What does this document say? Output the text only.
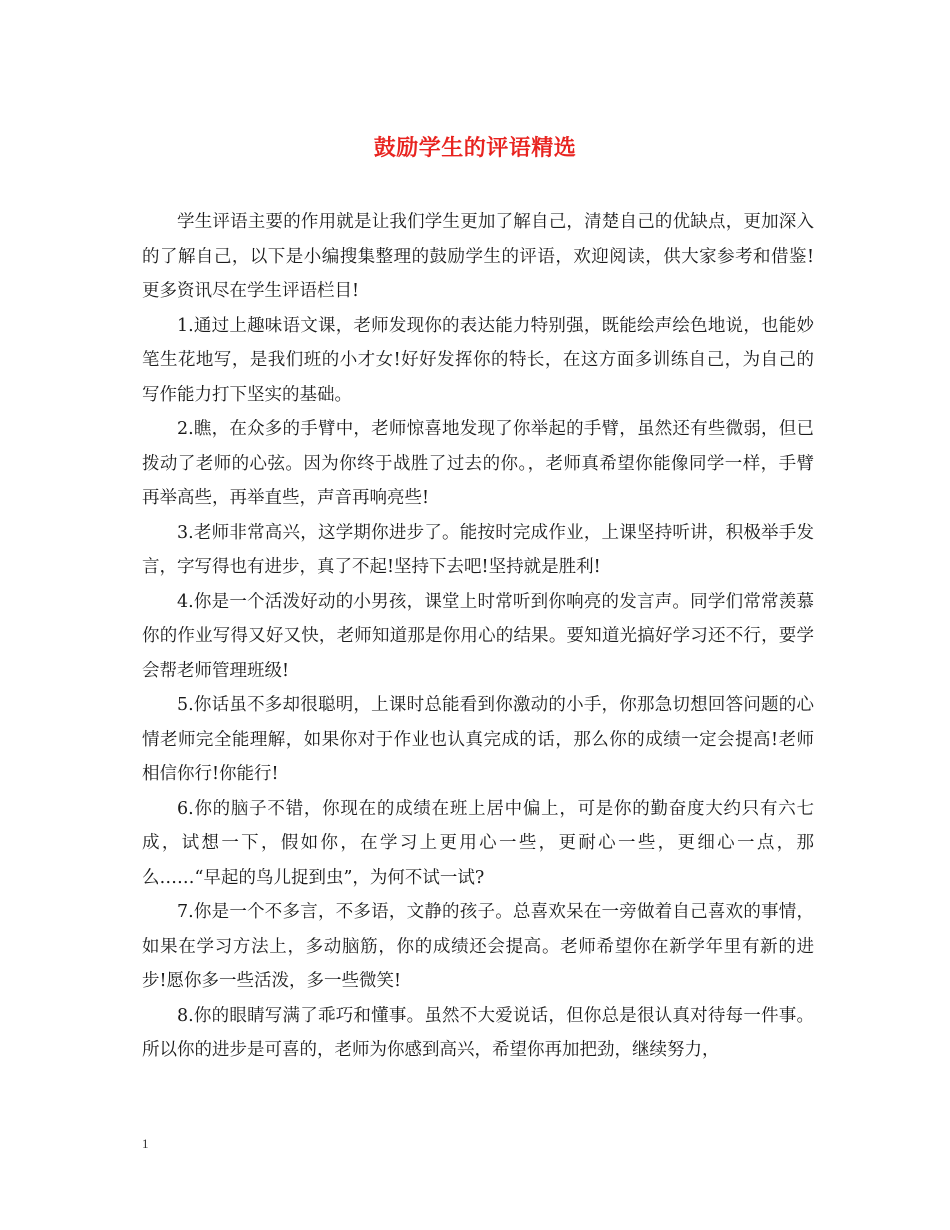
鼓励学生的评语精选

学生评语主要的作用就是让我们学生更加了解自己，清楚自己的优缺点，更加深入的了解自己，以下是小编搜集整理的鼓励学生的评语，欢迎阅读，供大家参考和借鉴!更多资讯尽在学生评语栏目!

1.通过上趣味语文课，老师发现你的表达能力特别强，既能绘声绘色地说，也能妙笔生花地写，是我们班的小才女!好好发挥你的特长，在这方面多训练自己，为自己的写作能力打下坚实的基础。

2.瞧，在众多的手臂中，老师惊喜地发现了你举起的手臂，虽然还有些微弱，但已拨动了老师的心弦。因为你终于战胜了过去的你。，老师真希望你能像同学一样，手臂再举高些，再举直些，声音再响亮些!

3.老师非常高兴，这学期你进步了。能按时完成作业，上课坚持听讲，积极举手发言，字写得也有进步，真了不起!坚持下去吧!坚持就是胜利!

4.你是一个活泼好动的小男孩，课堂上时常听到你响亮的发言声。同学们常常羡慕你的作业写得又好又快，老师知道那是你用心的结果。要知道光搞好学习还不行，要学会帮老师管理班级!

5.你话虽不多却很聪明，上课时总能看到你激动的小手，你那急切想回答问题的心情老师完全能理解，如果你对于作业也认真完成的话，那么你的成绩一定会提高!老师相信你行!你能行!

6.你的脑子不错，你现在的成绩在班上居中偏上，可是你的勤奋度大约只有六七成，试想一下，假如你，在学习上更用心一些，更耐心一些，更细心一点，那么……“早起的鸟儿捉到虫”，为何不试一试?

7.你是一个不多言，不多语，文静的孩子。总喜欢呆在一旁做着自己喜欢的事情，如果在学习方法上，多动脑筋，你的成绩还会提高。老师希望你在新学年里有新的进步!愿你多一些活泼，多一些微笑!

8.你的眼睛写满了乖巧和懂事。虽然不大爱说话，但你总是很认真对待每一件事。所以你的进步是可喜的，老师为你感到高兴，希望你再加把劲，继续努力，

1
